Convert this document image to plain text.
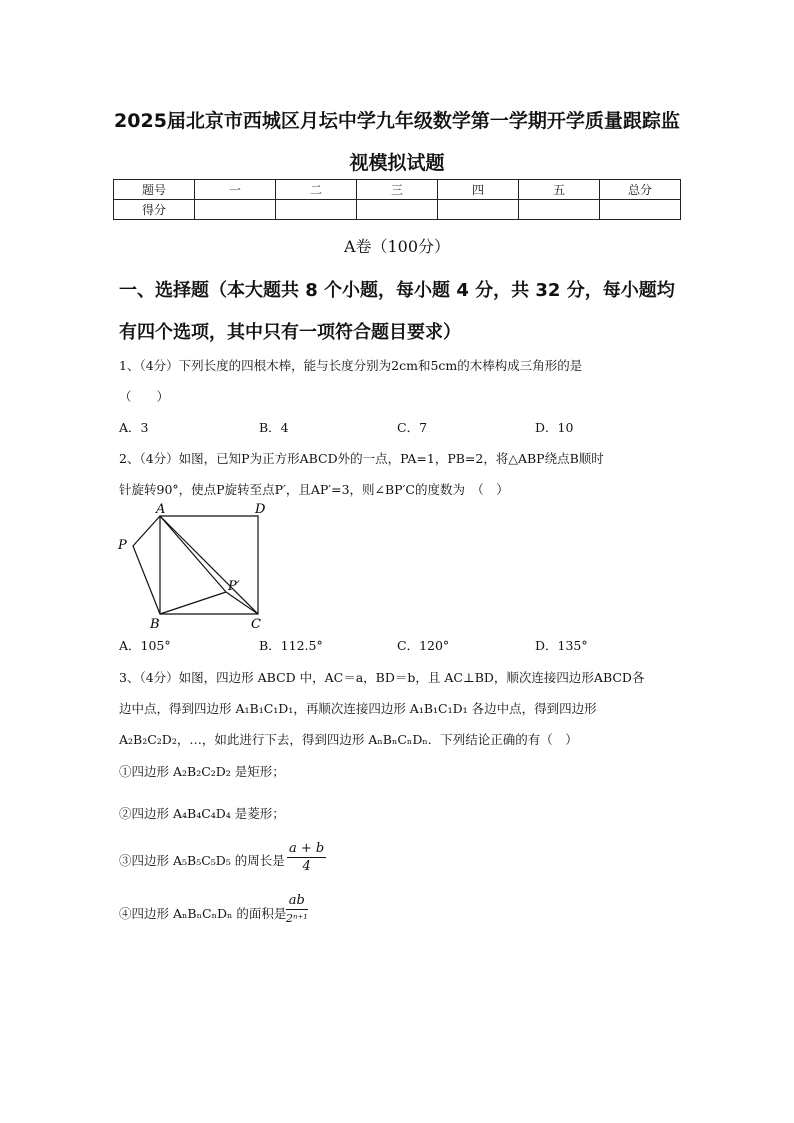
2025届北京市西城区月坛中学九年级数学第一学期开学质量跟踪监
视模拟试题
题号	一	二	三	四	五	总分
得分						
A卷（100分）
一、选择题（本大题共 8 个小题，每小题 4 分，共 32 分，每小题均
有四个选项，其中只有一项符合题目要求）
1、（4分）下列长度的四根木棒，能与长度分别为2cm和5cm的木棒构成三角形的是
（　　）
A．3	B．4	C．7	D．10
2、（4分）如图，已知P为正方形ABCD外的一点，PA=1，PB=2，将△ABP绕点B顺时
针旋转90°，使点P旋转至点P′，且AP′=3，则∠BP′C的度数为　（　）
A	D
P
P′
B	C
A．105°	B．112.5°	C．120°	D．135°
3、（4分）如图，四边形 ABCD 中，AC＝a，BD＝b，且 AC⊥BD，顺次连接四边形ABCD各
边中点，得到四边形 A₁B₁C₁D₁，再顺次连接四边形 A₁B₁C₁D₁ 各边中点，得到四边形
A₂B₂C₂D₂，…，如此进行下去，得到四边形 AₙBₙCₙDₙ．下列结论正确的有（　）
①四边形 A₂B₂C₂D₂ 是矩形；
②四边形 A₄B₄C₄D₄ 是菱形；
③四边形 A₅B₅C₅D₅ 的周长是 $\frac{a + b}{4}$
④四边形 AₙBₙCₙDₙ 的面积是
ab
2ⁿ⁺¹
